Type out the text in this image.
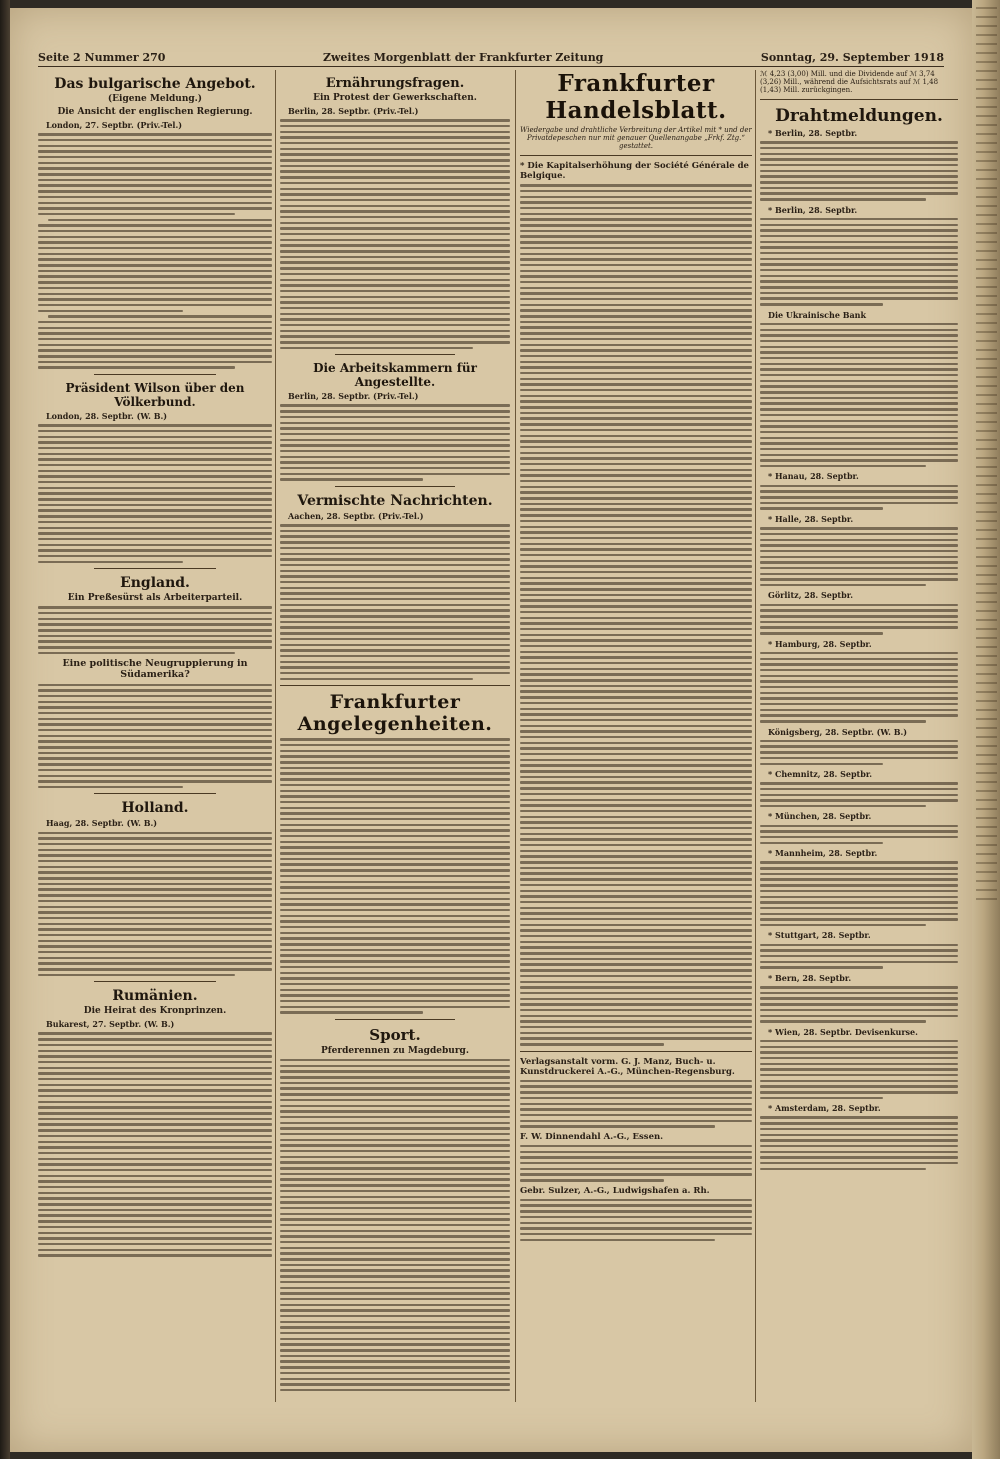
Seite 2 Nummer 270	Zweites Morgenblatt der Frankfurter Zeitung	Sonntag, 29. September 1918
Das bulgarische Angebot.
(Eigene Meldung.)
Die Ansicht der englischen Regierung.
London, 27. Septbr. (Priv.-Tel.)
Präsident Wilson über den Völkerbund.
London, 28. Septbr. (W. B.)
England.
Ein Preßesürst als Arbeiterparteil.
Eine politische Neugruppierung in Südamerika?
Holland.
Haag, 28. Septbr. (W. B.)
Rumänien.
Die Heirat des Kronprinzen.
Bukarest, 27. Septbr. (W. B.)
Ernährungsfragen.
Ein Protest der Gewerkschaften.
Berlin, 28. Septbr. (Priv.-Tel.)
Die Arbeitskammern für Angestellte.
Berlin, 28. Septbr. (Priv.-Tel.)
Vermischte Nachrichten.
Aachen, 28. Septbr. (Priv.-Tel.)
Frankfurter Angelegenheiten.
Sport.
Pferderennen zu Magdeburg.
Frankfurter Handelsblatt.
Wiedergabe und drahtliche Verbreitung der Artikel mit * und der Privatdepeschen nur mit genauer Quellenangabe „Frkf. Ztg.“ gestattet.
* Die Kapitalserhöhung der Société Générale de Belgique.
Verlagsanstalt vorm. G. J. Manz, Buch- u. Kunstdruckerei A.-G., München-Regensburg.
F. W. Dinnendahl A.-G., Essen.
Gebr. Sulzer, A.-G., Ludwigshafen a. Rh.
ℳ 4,23 (3,00) Mill. und die Dividende auf ℳ 3,74 (3,26) Mill., während die Aufsichtsrats auf ℳ 1,48 (1,43) Mill. zurückgingen.
Drahtmeldungen.
* Berlin, 28. Septbr.
* Berlin, 28. Septbr.
Die Ukrainische Bank
* Hanau, 28. Septbr.
* Halle, 28. Septbr.
Görlitz, 28. Septbr.
* Hamburg, 28. Septbr.
Königsberg, 28. Septbr. (W. B.)
* Chemnitz, 28. Septbr.
* München, 28. Septbr.
* Mannheim, 28. Septbr.
* Stuttgart, 28. Septbr.
* Bern, 28. Septbr.
* Wien, 28. Septbr. Devisenkurse.
* Amsterdam, 28. Septbr.
